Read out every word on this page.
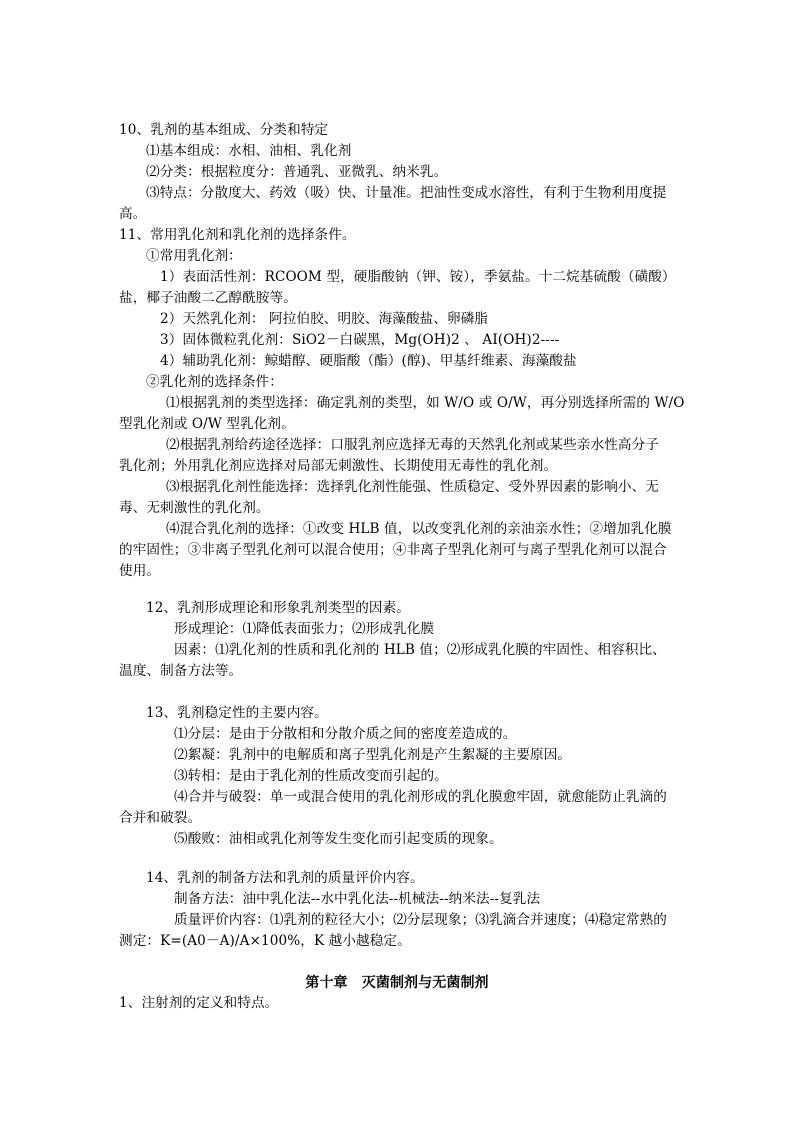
10、乳剂的基本组成、分类和特定
⑴基本组成：水相、油相、乳化剂
⑵分类：根据粒度分：普通乳、亚微乳、纳米乳。
⑶特点：分散度大、药效（吸）快、计量准。把油性变成水溶性，有利于生物利用度提
高。
11、常用乳化剂和乳化剂的选择条件。
①常用乳化剂：
1）表面活性剂：RCOOM 型，硬脂酸钠（钾、铵），季氨盐。十二烷基硫酸（磺酸）
盐，椰子油酸二乙醇酰胺等。
2）天然乳化剂： 阿拉伯胶、明胶、海藻酸盐、卵磷脂
3）固体微粒乳化剂：SiO2－白碳黑，Mg(OH)2 、 AI(OH)2----
4）辅助乳化剂：鲸蜡醇、硬脂酸（酯）(醇)、甲基纤维素、海藻酸盐
②乳化剂的选择条件：
⑴根据乳剂的类型选择：确定乳剂的类型，如 W/O 或 O/W，再分别选择所需的 W/O
型乳化剂或 O/W 型乳化剂。
⑵根据乳剂给药途径选择：口服乳剂应选择无毒的天然乳化剂或某些亲水性高分子
乳化剂；外用乳化剂应选择对局部无刺激性、长期使用无毒性的乳化剂。
⑶根据乳化剂性能选择：选择乳化剂性能强、性质稳定、受外界因素的影响小、无
毒、无刺激性的乳化剂。
⑷混合乳化剂的选择：①改变 HLB 值，以改变乳化剂的亲油亲水性；②增加乳化膜
的牢固性；③非离子型乳化剂可以混合使用；④非离子型乳化剂可与离子型乳化剂可以混合
使用。
12、乳剂形成理论和形象乳剂类型的因素。
形成理论：⑴降低表面张力；⑵形成乳化膜
因素：⑴乳化剂的性质和乳化剂的 HLB 值；⑵形成乳化膜的牢固性、相容积比、
温度、制备方法等。
13、乳剂稳定性的主要内容。
⑴分层：是由于分散相和分散介质之间的密度差造成的。
⑵絮凝：乳剂中的电解质和离子型乳化剂是产生絮凝的主要原因。
⑶转相：是由于乳化剂的性质改变而引起的。
⑷合并与破裂：单一或混合使用的乳化剂形成的乳化膜愈牢固，就愈能防止乳滴的
合并和破裂。
⑸酸败：油相或乳化剂等发生变化而引起变质的现象。
14、乳剂的制备方法和乳剂的质量评价内容。
制备方法：油中乳化法--水中乳化法--机械法--纳米法--复乳法
质量评价内容：⑴乳剂的粒径大小；⑵分层现象；⑶乳滴合并速度；⑷稳定常熟的
测定：K=(A0－A)/A×100%，K 越小越稳定。
1、注射剂的定义和特点。
第十章　灭菌制剂与无菌制剂
